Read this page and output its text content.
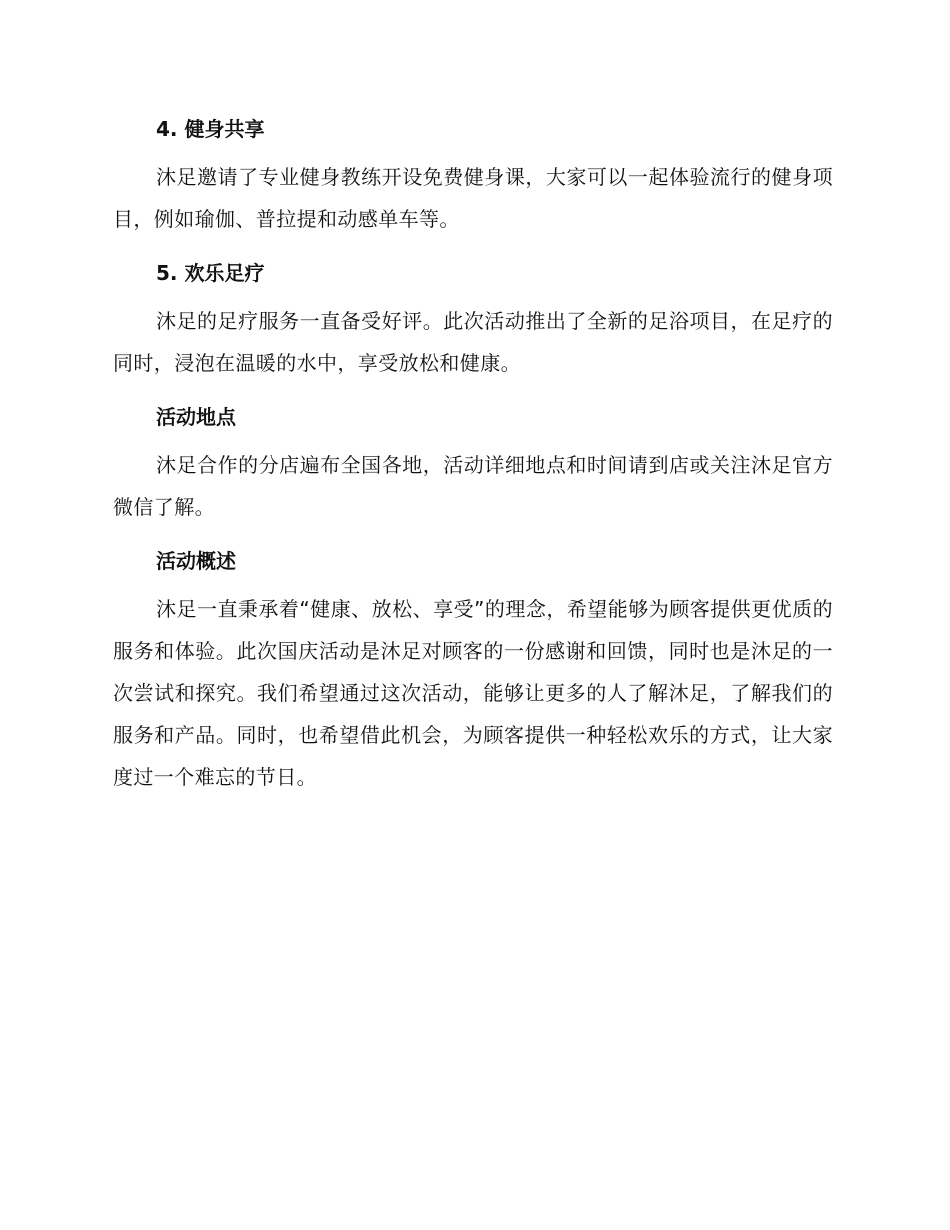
4. 健身共享

沐足邀请了专业健身教练开设免费健身课，大家可以一起体验流行的健身项目，例如瑜伽、普拉提和动感单车等。

5. 欢乐足疗

沐足的足疗服务一直备受好评。此次活动推出了全新的足浴项目，在足疗的同时，浸泡在温暖的水中，享受放松和健康。

活动地点

沐足合作的分店遍布全国各地，活动详细地点和时间请到店或关注沐足官方微信了解。

活动概述

沐足一直秉承着“健康、放松、享受”的理念，希望能够为顾客提供更优质的服务和体验。此次国庆活动是沐足对顾客的一份感谢和回馈，同时也是沐足的一次尝试和探究。我们希望通过这次活动，能够让更多的人了解沐足，了解我们的服务和产品。同时，也希望借此机会，为顾客提供一种轻松欢乐的方式，让大家度过一个难忘的节日。
